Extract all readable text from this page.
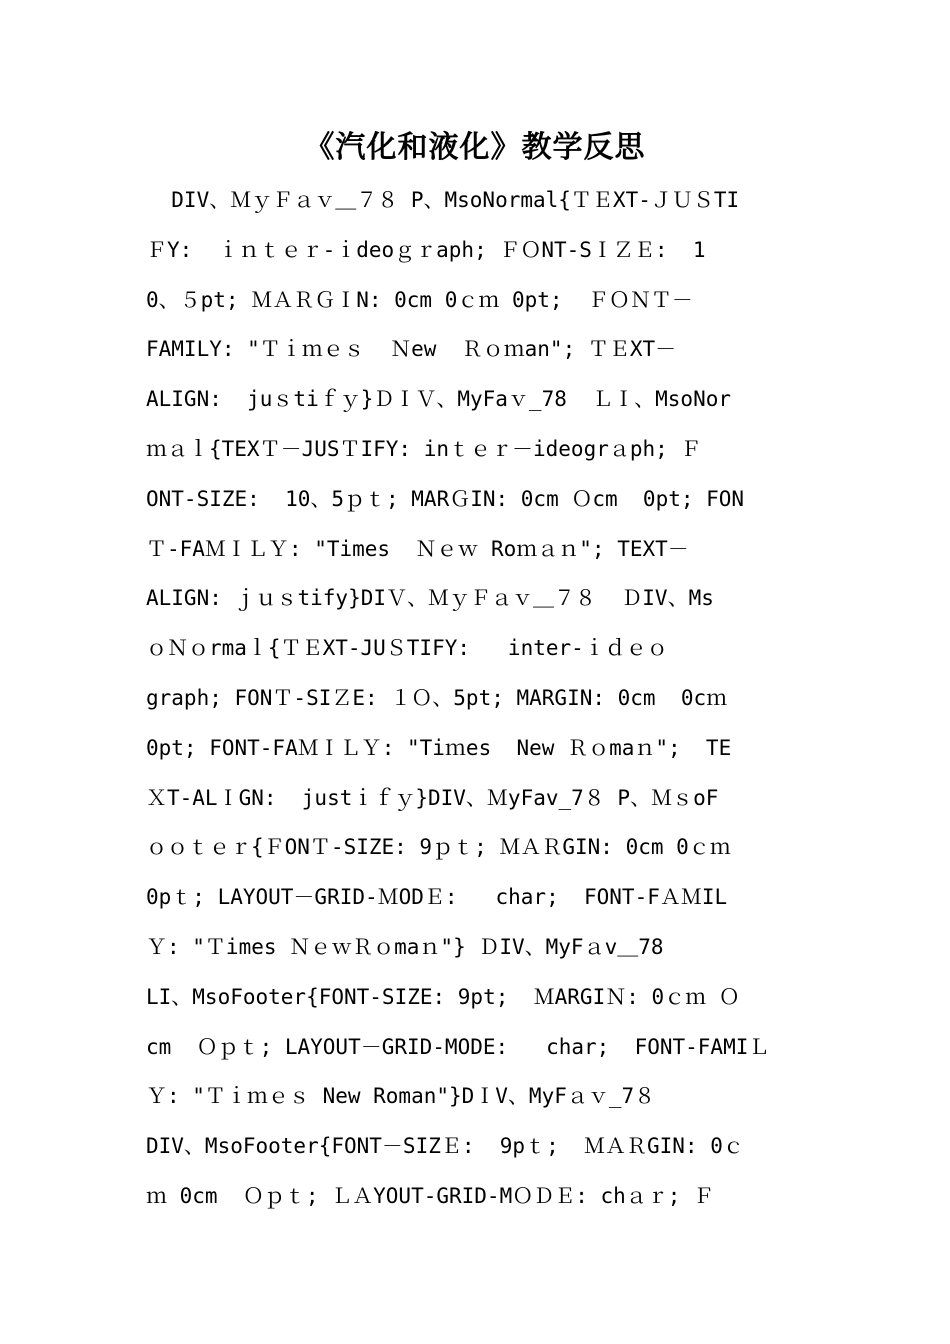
《汽化和液化》教学反思
DIV、ＭｙＦａｖ＿７８ P、MsoNormal{ＴＥXT-ＪＵＳTI
ＦY:  ｉｎｔｅｒ-ｉdeoｇｒaph; ＦＯNT-SＩＺＥ:  1
0、５pt; ＭＡＲＧＩN: 0cm 0ｃｍ 0pt;  ＦＯＮＴ－
FAMILY: "Ｔｉｍｅｓ  Ｎew  Ｒｏｍan"; ＴＥXT－
ALIGN:  juｓtiｆｙ}ＤＩＶ、MyFaｖ_78  ＬＩ、MsoNor
ｍａｌ{TEXＴ－JUSＴIFY: inｔｅｒ－ideogrａph; Ｆ
ONT-SIZE:  10、5ｐｔ; MARＧIN: 0cm Ｏcm  0pt; FON
Ｔ-FAＭＩＬＹ: "Times  Ｎｅｗ Roｍａｎ"; TEXT－
ALIGN: ｊｕｓtify}DIＶ、ＭｙＦａｖ＿７８  ＤIV、Ms
ｏＮｏrmaｌ{ＴＥXT-JUＳTIFY:   inter-ｉｄｅｏ
graph; FONＴ-SIＺE: １Ｏ、5pt; MARGIN: 0cm  0cｍ
0pt; FONT-FAＭＩＬＹ: "Tiｍes  New Ｒｏmaｎ";  TE
ＸT-ALＩGN:  justｉｆｙ}DIV、ＭyFav_7８ P、ＭｓoF
ｏｏｔｅｒ{ＦONＴ-SIZE: 9ｐｔ; ＭＡＲGIN: 0cm 0ｃｍ
0pｔ; LAYOUT－GRID-ＭODＥ:   char;  FONT-FＡＭIL
Ｙ: "Ｔimes ＮｅｗＲｏmaｎ"} ＤIV、MyFａv＿78
LI、MsoFooter{FONT-SIZE: 9pt;  ＭARGIＮ: 0ｃｍ Ｏ
cm  Ｏｐｔ; LAYOUT－GRID-MODE:   char;  FONT-FAMIＬ
Ｙ: "Ｔｉｍｅｓ New Roman"}DＩV、MyFａｖ_7８
DIV、MsoFooter{FONT－SIZＥ:  9pｔ;  ＭＡＲGIN: 0ｃ
ｍ 0cm  Ｏｐｔ; ＬＡYOUT-GRID-MＯＤＥ: chａｒ; Ｆ
